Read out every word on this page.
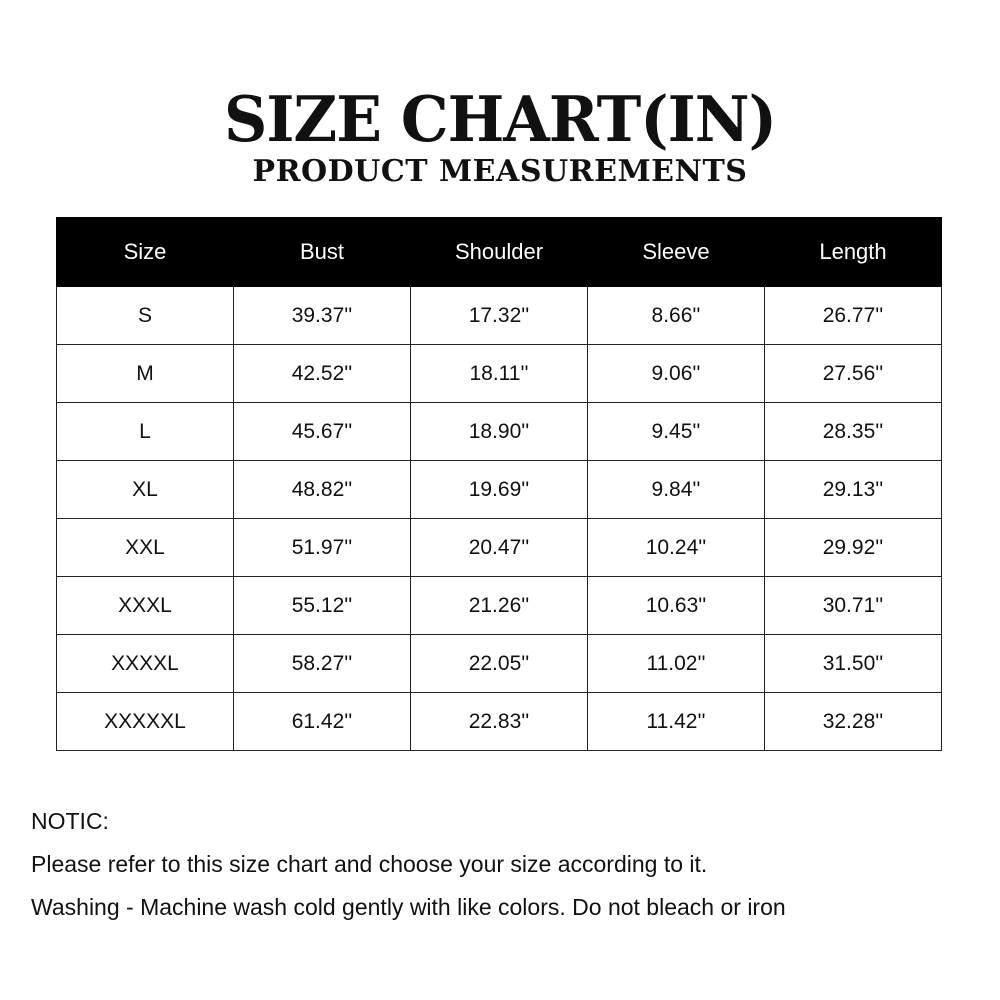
SIZE CHART(IN)
PRODUCT MEASUREMENTS
Size	Bust	Shoulder	Sleeve	Length
S	39.37''	17.32''	8.66''	26.77''
M	42.52''	18.11''	9.06''	27.56''
L	45.67''	18.90''	9.45''	28.35''
XL	48.82''	19.69''	9.84''	29.13''
XXL	51.97''	20.47''	10.24''	29.92''
XXXL	55.12''	21.26''	10.63''	30.71''
XXXXL	58.27''	22.05''	11.02''	31.50''
XXXXXL	61.42''	22.83''	11.42''	32.28''

NOTIC:

Please refer to this size chart and choose your size according to it.

Washing - Machine wash cold gently with like colors. Do not bleach or iron
